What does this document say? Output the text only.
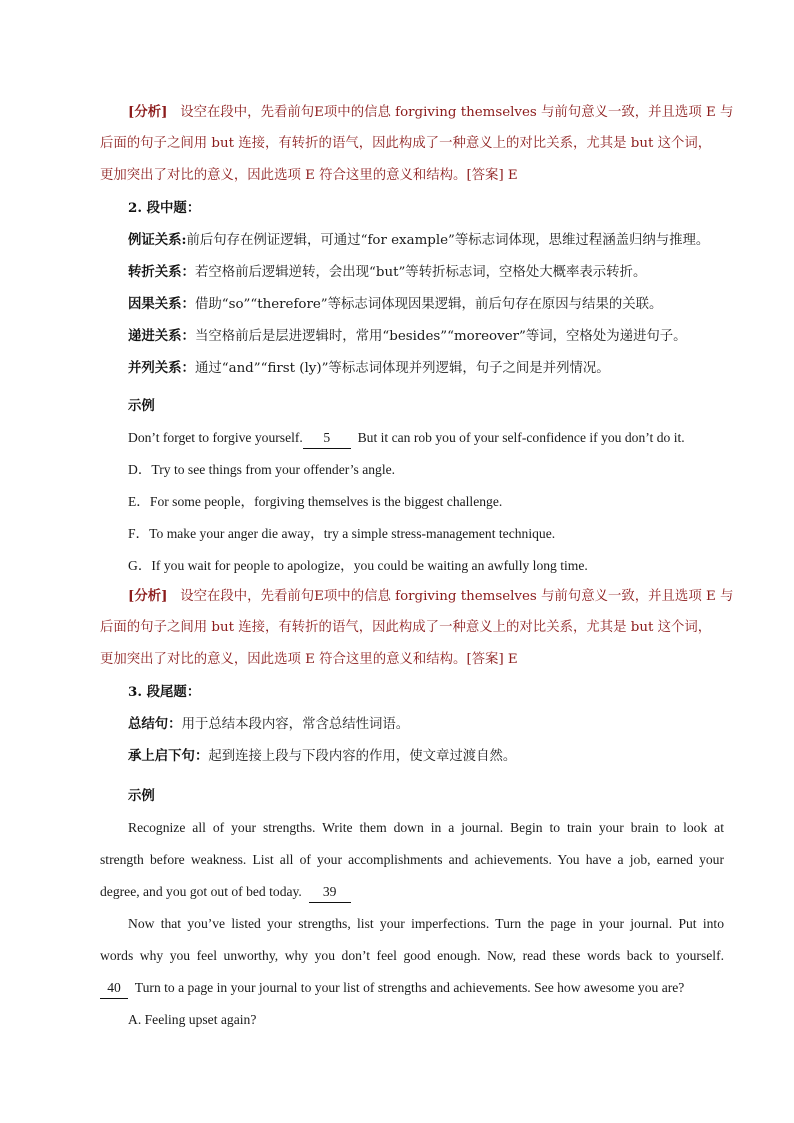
[分析] 设空在段中，先看前句E项中的信息 forgiving themselves 与前句意义一致，并且选项 E 与
后面的句子之间用 but 连接，有转折的语气，因此构成了一种意义上的对比关系，尤其是 but 这个词，
更加突出了对比的意义，因此选项 E 符合这里的意义和结构。[答案] E
2. 段中题：
例证关系:前后句存在例证逻辑，可通过“for example”等标志词体现，思维过程涵盖归纳与推理。
转折关系：若空格前后逻辑逆转，会出现“but”等转折标志词，空格处大概率表示转折。
因果关系：借助“so”“therefore”等标志词体现因果逻辑，前后句存在原因与结果的关联。
递进关系：当空格前后是层进逻辑时，常用“besides”“moreover”等词，空格处为递进句子。
并列关系：通过“and”“first (ly)”等标志词体现并列逻辑，句子之间是并列情况。
示例
Don’t forget to forgive yourself. 5 But it can rob you of your self-confidence if you don’t do it.
D．Try to see things from your offender’s angle.
E．For some people，forgiving themselves is the biggest challenge.
F．To make your anger die away，try a simple stress-management technique.
G．If you wait for people to apologize，you could be waiting an awfully long time.
[分析] 设空在段中，先看前句E项中的信息 forgiving themselves 与前句意义一致，并且选项 E 与
后面的句子之间用 but 连接，有转折的语气，因此构成了一种意义上的对比关系，尤其是 but 这个词，
更加突出了对比的意义，因此选项 E 符合这里的意义和结构。[答案] E
3. 段尾题：
总结句：用于总结本段内容，常含总结性词语。
承上启下句：起到连接上段与下段内容的作用，使文章过渡自然。
示例
Recognize all of your strengths. Write them down in a journal. Begin to train your brain to look at
strength before weakness. List all of your accomplishments and achievements. You have a job, earned your
degree, and you got out of bed today. 39
Now that you’ve listed your strengths, list your imperfections. Turn the page in your journal. Put into
words why you feel unworthy, why you don’t feel good enough. Now, read these words back to yourself.
40 Turn to a page in your journal to your list of strengths and achievements. See how awesome you are?
A. Feeling upset again?
